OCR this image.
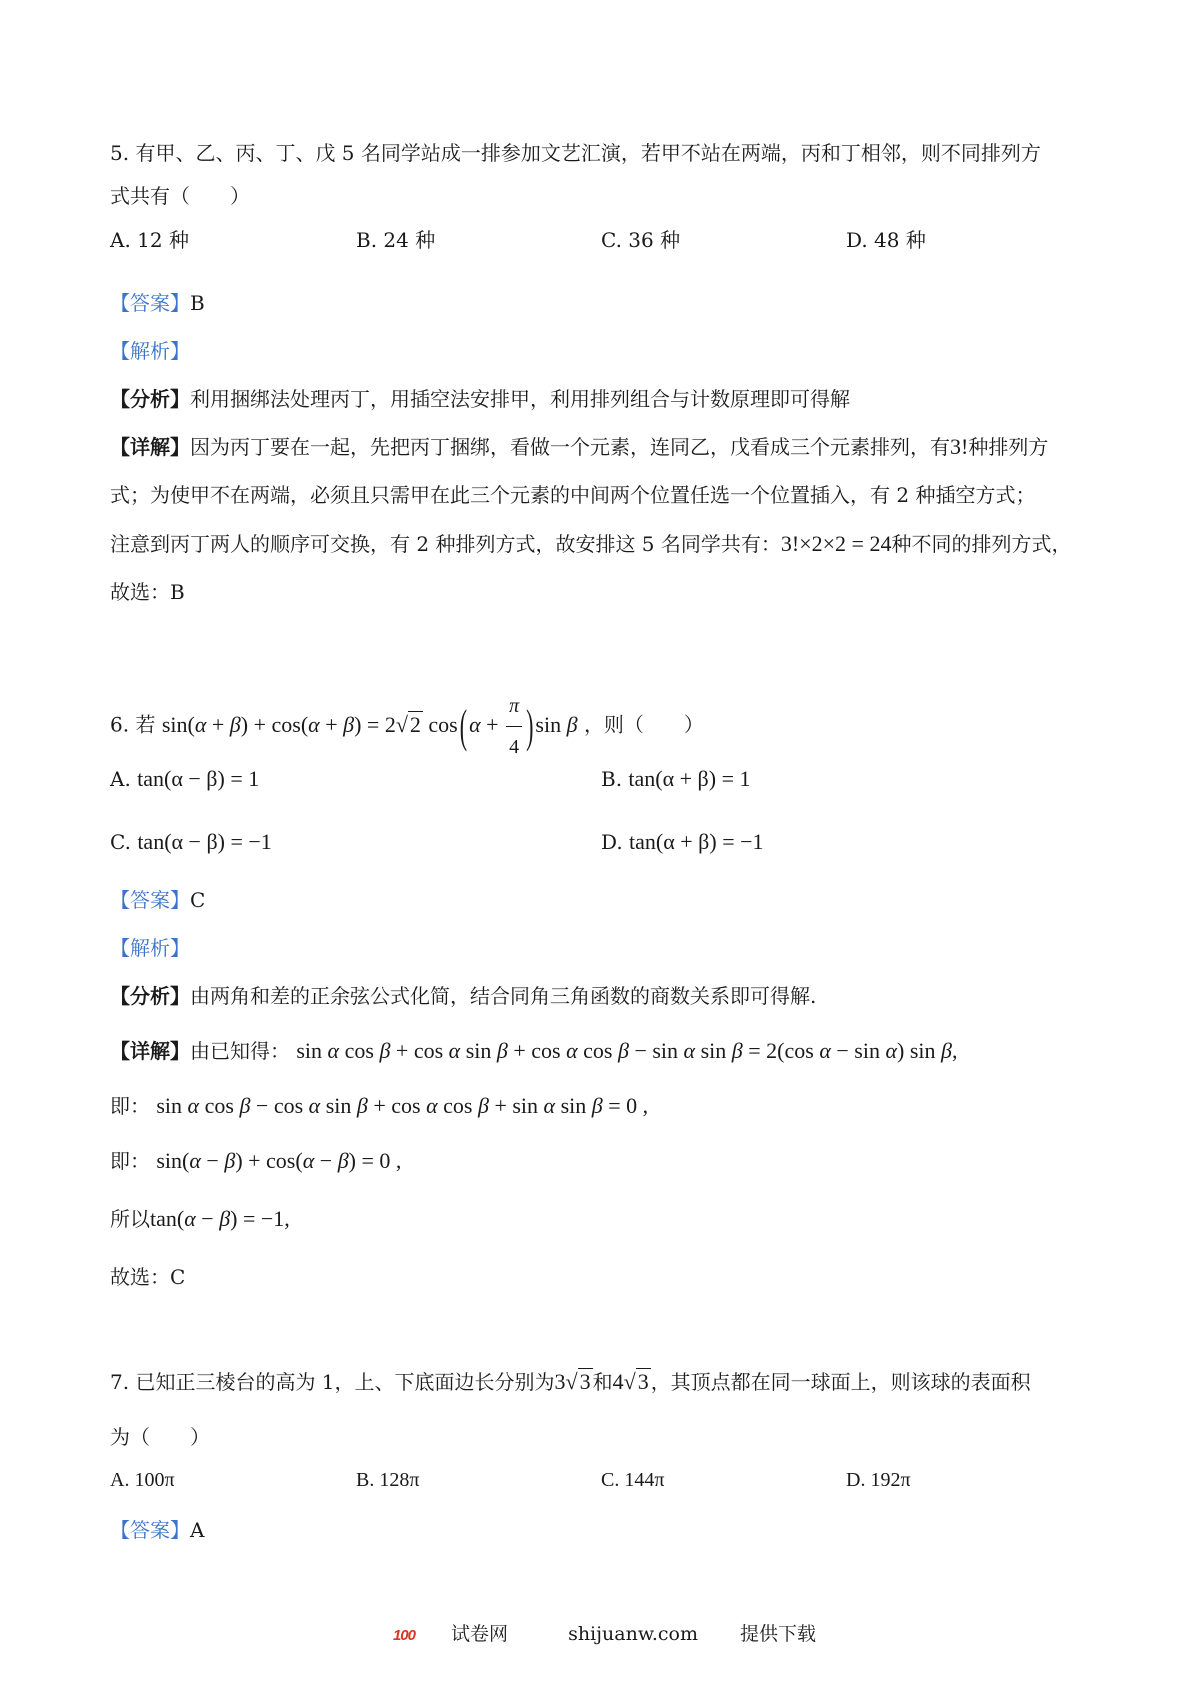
5. 有甲、乙、丙、丁、戊 5 名同学站成一排参加文艺汇演，若甲不站在两端，丙和丁相邻，则不同排列方
式共有（　　）
A. 12 种	B. 24 种	C. 36 种	D. 48 种
【答案】B
【解析】
【分析】利用捆绑法处理丙丁，用插空法安排甲，利用排列组合与计数原理即可得解
【详解】因为丙丁要在一起，先把丙丁捆绑，看做一个元素，连同乙，戊看成三个元素排列，有3!种排列方
式；为使甲不在两端，必须且只需甲在此三个元素的中间两个位置任选一个位置插入，有 2 种插空方式；
注意到丙丁两人的顺序可交换，有 2 种排列方式，故安排这 5 名同学共有：3!×2×2 = 24种不同的排列方式，
故选：B
6. 若 sin(α + β) + cos(α + β) = 2√2 $\cos(\alpha + \frac{\pi}{4} )\sin$ β ，则（　　）
A. tan(α − β) = 1	B. tan(α + β) = 1
C. tan(α − β) = −1	D. tan(α + β) = −1
【答案】C
【解析】
【分析】由两角和差的正余弦公式化简，结合同角三角函数的商数关系即可得解.
【详解】由已知得： sin α cos β + cos α sin β + cos α cos β − sin α sin β = 2(cos α − sin α) sin β,
即： sin α cos β − cos α sin β + cos α cos β + sin α sin β = 0 ,
即： sin(α − β) + cos(α − β) = 0 ,
所以tan(α − β) = −1,
故选：C
7. 已知正三棱台的高为 1，上、下底面边长分别为3√3 和4√3 ，其顶点都在同一球面上，则该球的表面积
为（　　）
A. 100π	B. 128π	C. 144π	D. 192π
【答案】A
100 试卷网	shijuanw.com 提供下载
